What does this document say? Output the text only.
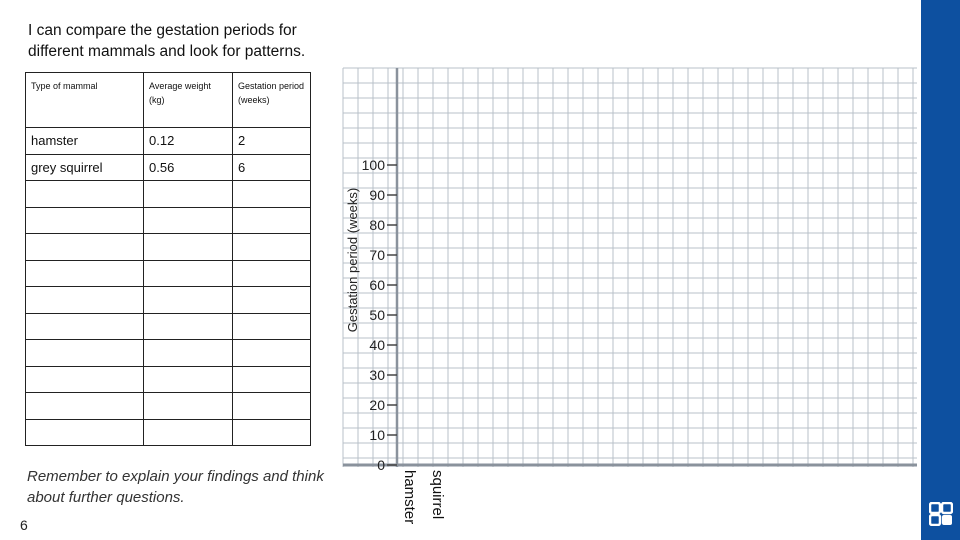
I can compare the gestation periods for different mammals and look for patterns.
Type of mammal	Average weight (kg)	Gestation period (weeks)
hamster	0.12	2
grey squirrel	0.56	6

0
10
20
30
40
50
60
70
80
90
100
Gestation period (weeks)
hamster squirrel
Remember to explain your findings and think about further questions.
6
